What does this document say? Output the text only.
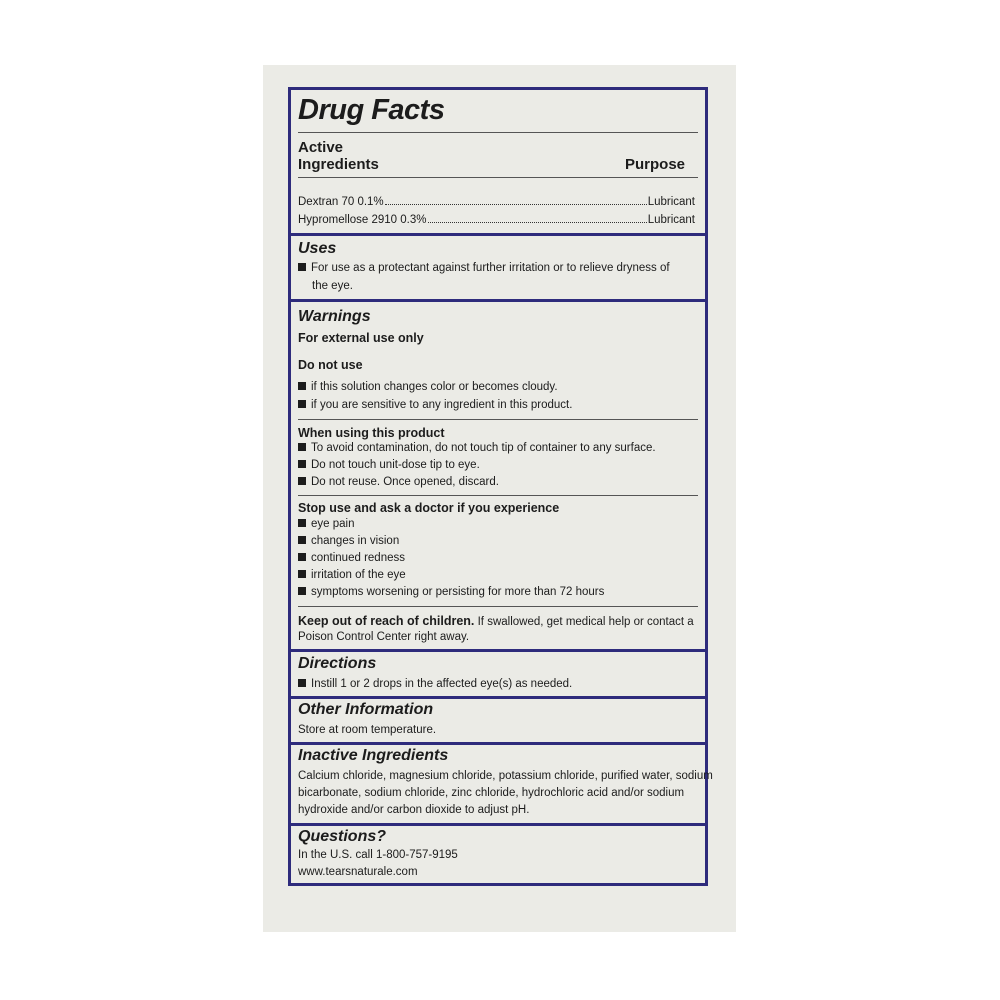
Drug Facts
Active
Ingredients	Purpose
Dextran 70 0.1%	Lubricant
Hypromellose 2910 0.3%	Lubricant
Uses
For use as a protectant against further irritation or to relieve dryness of
the eye.
Warnings
For external use only
Do not use
if this solution changes color or becomes cloudy.
if you are sensitive to any ingredient in this product.
When using this product
To avoid contamination, do not touch tip of container to any surface.
Do not touch unit-dose tip to eye.
Do not reuse. Once opened, discard.
Stop use and ask a doctor if you experience
eye pain
changes in vision
continued redness
irritation of the eye
symptoms worsening or persisting for more than 72 hours
Keep out of reach of children. If swallowed, get medical help or contact a
Poison Control Center right away.
Directions
Instill 1 or 2 drops in the affected eye(s) as needed.
Other Information
Store at room temperature.
Inactive Ingredients
Calcium chloride, magnesium chloride, potassium chloride, purified water, sodium
bicarbonate, sodium chloride, zinc chloride, hydrochloric acid and/or sodium
hydroxide and/or carbon dioxide to adjust pH.
Questions?
In the U.S. call 1-800-757-9195
www.tearsnaturale.com
